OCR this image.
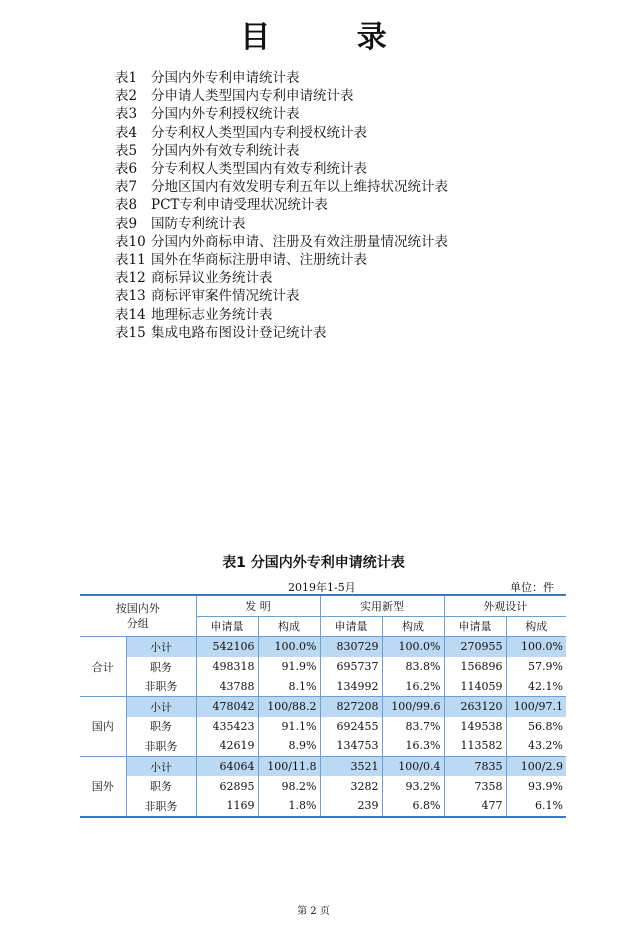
目 录
表1	分国内外专利申请统计表
表2	分申请人类型国内专利申请统计表
表3	分国内外专利授权统计表
表4	分专利权人类型国内专利授权统计表
表5	分国内外有效专利统计表
表6	分专利权人类型国内有效专利统计表
表7	分地区国内有效发明专利五年以上维持状况统计表
表8	PCT专利申请受理状况统计表
表9	国防专利统计表
表10 分国内外商标申请、注册及有效注册量情况统计表
表11 国外在华商标注册申请、注册统计表
表12 商标异议业务统计表
表13 商标评审案件情况统计表
表14 地理标志业务统计表
表15 集成电路布图设计登记统计表
表1 分国内外专利申请统计表
2019年1-5月	单位：件
按国内外
分组		发 明		实用新型		外观设计	
		申请量	构成	申请量	构成	申请量	构成
合计	小计	542106	100.0%	830729	100.0%	270955	100.0%
	职务	498318	91.9%	695737	83.8%	156896	57.9%
	非职务	43788	8.1%	134992	16.2%	114059	42.1%
国内	小计	478042	100/88.2	827208	100/99.6	263120	100/97.1
	职务	435423	91.1%	692455	83.7%	149538	56.8%
	非职务	42619	8.9%	134753	16.3%	113582	43.2%
国外	小计	64064	100/11.8	3521	100/0.4	7835	100/2.9
	职务	62895	98.2%	3282	93.2%	7358	93.9%
	非职务	1169	1.8%	239	6.8%	477	6.1%
第 2 页
